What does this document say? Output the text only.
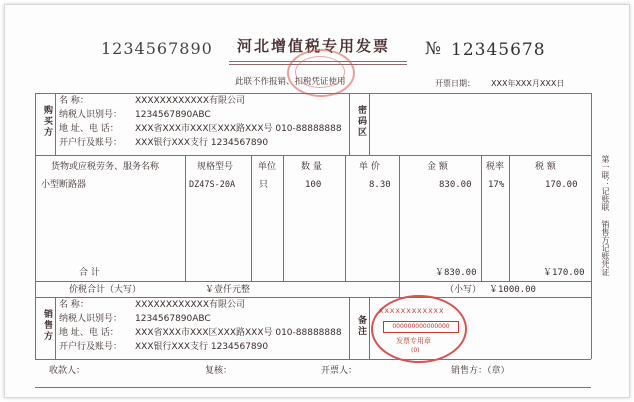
1234567890 河北增值税专用发票 № 12345678
此联不作报销、扣税凭证使用	开票日期： XXX年XXX月XXX日
购买方	密码区
名 称：	XXXXXXXXXXXX有限公司
纳税人识别号： 1234567890ABC
地 址、电 话： XXX省XXX市XXX区XXX路XXX号 010-88888888
开户行及账号： XXX银行XXX支行 1234567890
货物或应税劳务、服务名称	规格型号	单位	数 量	单 价	金 额	税率	税 额
小型断路器	DZ47S-20A	只	100	8.30	830.00 17%	170.00
合 计	￥830.00	￥170.00
价税合计（大写）	￥壹仟元整	（小写） ￥1000.00
销售方	备注
名 称：	XXXXXXXXXXXX有限公司
纳税人识别号： 1234567890ABC
地 址、电 话： XXX省XXX市XXX区XXX路XXX号 010-88888888
开户行及账号： XXX银行XXX支行 1234567890
XXXXXXXXXXXX
000000000000000
发票专用章
(0)
收款人：	复核：	开票人：	销售方：（章）
第一联：记账联 销售方记账凭证
